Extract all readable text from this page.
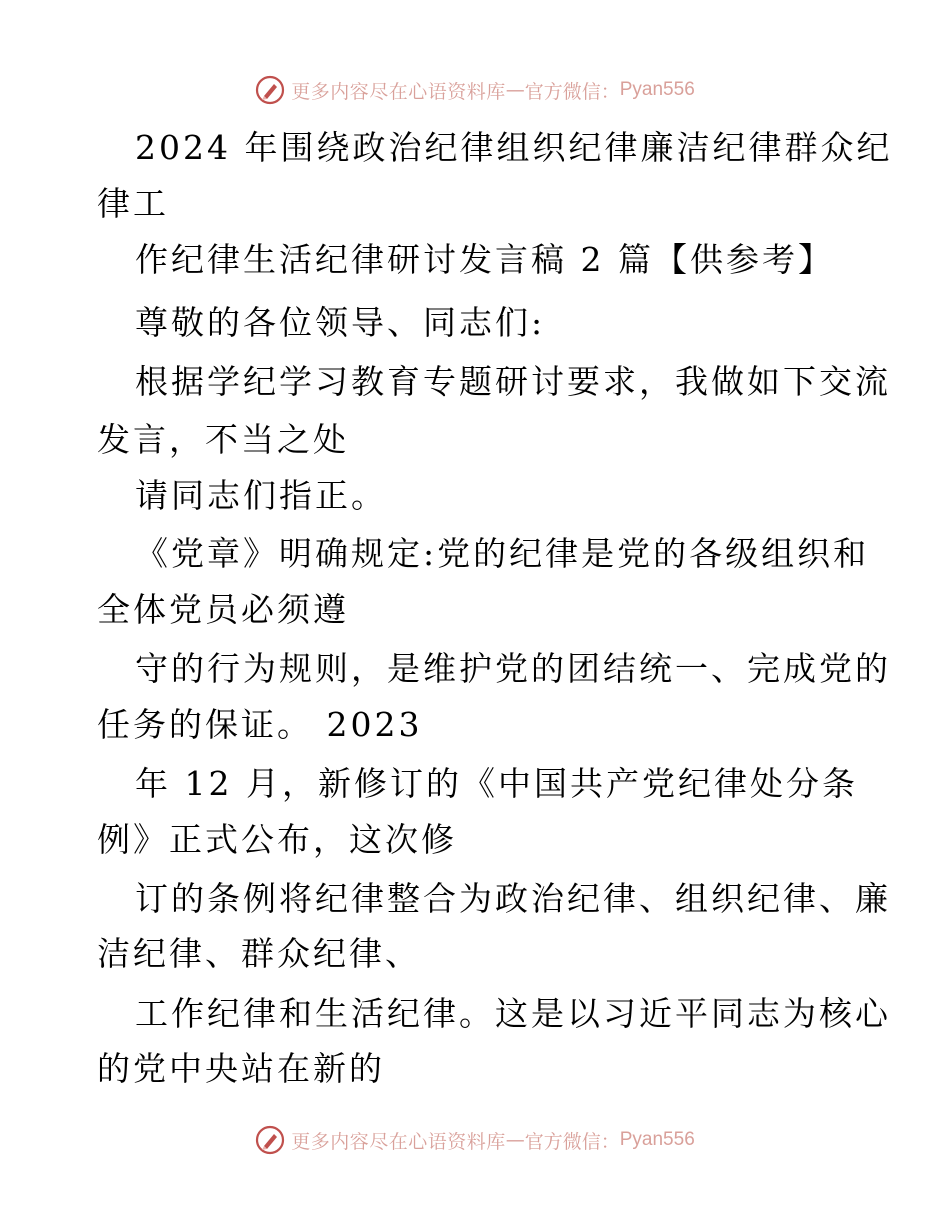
更多内容尽在心语资料库 — 官方微信： Pyan556
2024 年围绕政治纪律组织纪律廉洁纪律群众纪
律工
作纪律生活纪律研讨发言稿 2 篇【供参考】
尊敬的各位领导、同志们:
根据学纪学习教育专题研讨要求，我做如下交流
发言，不当之处
请同志们指正。
《党章》明确规定:党的纪律是党的各级组织和
全体党员必须遵
守的行为规则，是维护党的团结统一、完成党的
任务的保证。 2023
年 12 月，新修订的《中国共产党纪律处分条
例》正式公布，这次修
订的条例将纪律整合为政治纪律、组织纪律、廉
洁纪律、群众纪律、
工作纪律和生活纪律。这是以习近平同志为核心
的党中央站在新的
更多内容尽在心语资料库 — 官方微信： Pyan556
